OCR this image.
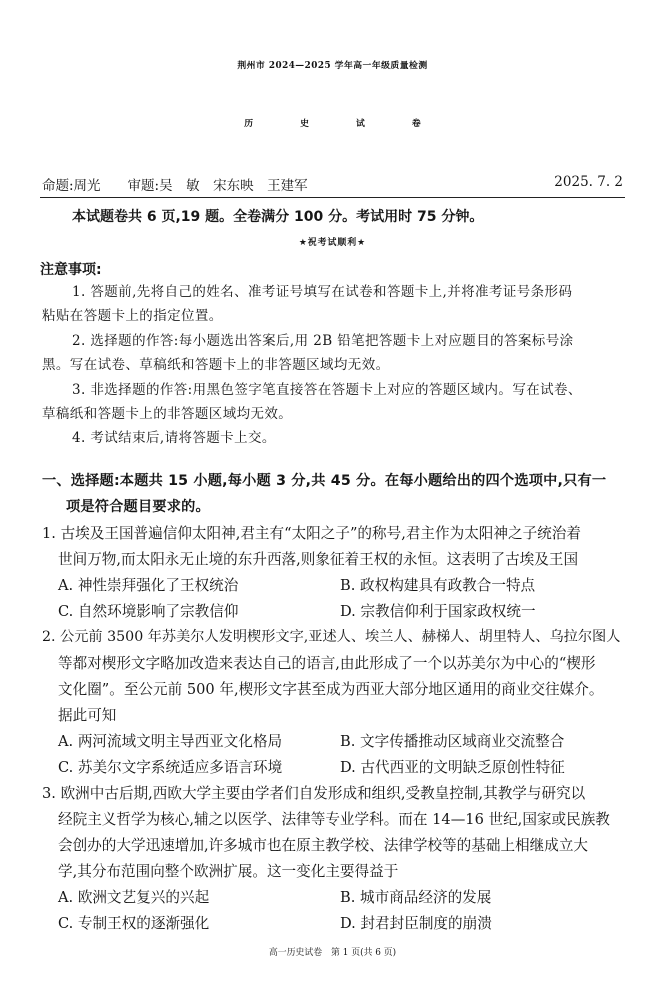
荆州市 2024—2025 学年高一年级质量检测
历 史 试 卷
命题:周光　　审题:吴　敏　宋东映　王建军	2025. 7. 2
本试题卷共 6 页,19 题。全卷满分 100 分。考试用时 75 分钟。
★祝考试顺利★
注意事项:
1. 答题前,先将自己的姓名、准考证号填写在试卷和答题卡上,并将准考证号条形码
粘贴在答题卡上的指定位置。
2. 选择题的作答:每小题选出答案后,用 2B 铅笔把答题卡上对应题目的答案标号涂
黑。写在试卷、草稿纸和答题卡上的非答题区域均无效。
3. 非选择题的作答:用黑色签字笔直接答在答题卡上对应的答题区域内。写在试卷、
草稿纸和答题卡上的非答题区域均无效。
4. 考试结束后,请将答题卡上交。
一、选择题:本题共 15 小题,每小题 3 分,共 45 分。在每小题给出的四个选项中,只有一
项是符合题目要求的。
1. 古埃及王国普遍信仰太阳神,君主有“太阳之子”的称号,君主作为太阳神之子统治着
世间万物,而太阳永无止境的东升西落,则象征着王权的永恒。这表明了古埃及王国
A. 神性崇拜强化了王权统治	B. 政权构建具有政教合一特点
C. 自然环境影响了宗教信仰	D. 宗教信仰利于国家政权统一
2. 公元前 3500 年苏美尔人发明楔形文字,亚述人、埃兰人、赫梯人、胡里特人、乌拉尔图人
等都对楔形文字略加改造来表达自己的语言,由此形成了一个以苏美尔为中心的“楔形
文化圈”。至公元前 500 年,楔形文字甚至成为西亚大部分地区通用的商业交往媒介。
据此可知
A. 两河流域文明主导西亚文化格局	B. 文字传播推动区域商业交流整合
C. 苏美尔文字系统适应多语言环境	D. 古代西亚的文明缺乏原创性特征
3. 欧洲中古后期,西欧大学主要由学者们自发形成和组织,受教皇控制,其教学与研究以
经院主义哲学为核心,辅之以医学、法律等专业学科。而在 14—16 世纪,国家或民族教
会创办的大学迅速增加,许多城市也在原主教学校、法律学校等的基础上相继成立大
学,其分布范围向整个欧洲扩展。这一变化主要得益于
A. 欧洲文艺复兴的兴起	B. 城市商品经济的发展
C. 专制王权的逐渐强化	D. 封君封臣制度的崩溃
高一历史试卷　第 1 页(共 6 页)
